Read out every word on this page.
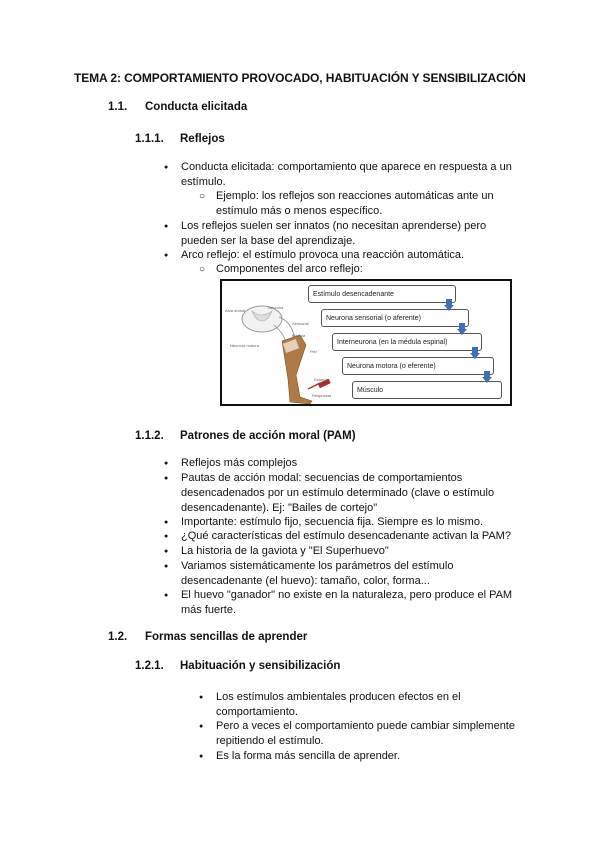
TEMA 2: COMPORTAMIENTO PROVOCADO, HABITUACIÓN Y SENSIBILIZACIÓN
1.1. Conducta elicitada
1.1.1. Reflejos
● Conducta elicitada: comportamiento que aparece en respuesta a un
estímulo.
○ Ejemplo: los reflejos son reacciones automáticas ante un
estímulo más o menos específico.
● Los reflejos suelen ser innatos (no necesitan aprenderse) pero
pueden ser la base del aprendizaje.
● Arco reflejo: el estímulo provoca una reacción automática.
○ Componentes del arco reflejo:
Asta dorsal
Neurona
Sensorial
Médula
Neurona motora
Piel
Estímulo
Respuesta
Estímulo desencadenante
Neurona sensorial (o aferente)
Interneurona (en la médula espinal)
Neurona motora (o eferente)
Músculo
1.1.2. Patrones de acción moral (PAM)
● Reflejos más complejos
● Pautas de acción modal: secuencias de comportamientos
desencadenados por un estímulo determinado (clave o estímulo
desencadenante). Ej: "Bailes de cortejo"
● Importante: estímulo fijo, secuencia fija. Siempre es lo mismo.
● ¿Qué características del estímulo desencadenante activan la PAM?
● La historia de la gaviota y "El Superhuevo"
● Variamos sistemáticamente los parámetros del estímulo
desencadenante (el huevo): tamaño, color, forma...
● El huevo "ganador" no existe en la naturaleza, pero produce el PAM
más fuerte.
1.2. Formas sencillas de aprender
1.2.1. Habituación y sensibilización
● Los estímulos ambientales producen efectos en el
comportamiento.
● Pero a veces el comportamiento puede cambiar simplemente
repitiendo el estímulo.
● Es la forma más sencilla de aprender.
